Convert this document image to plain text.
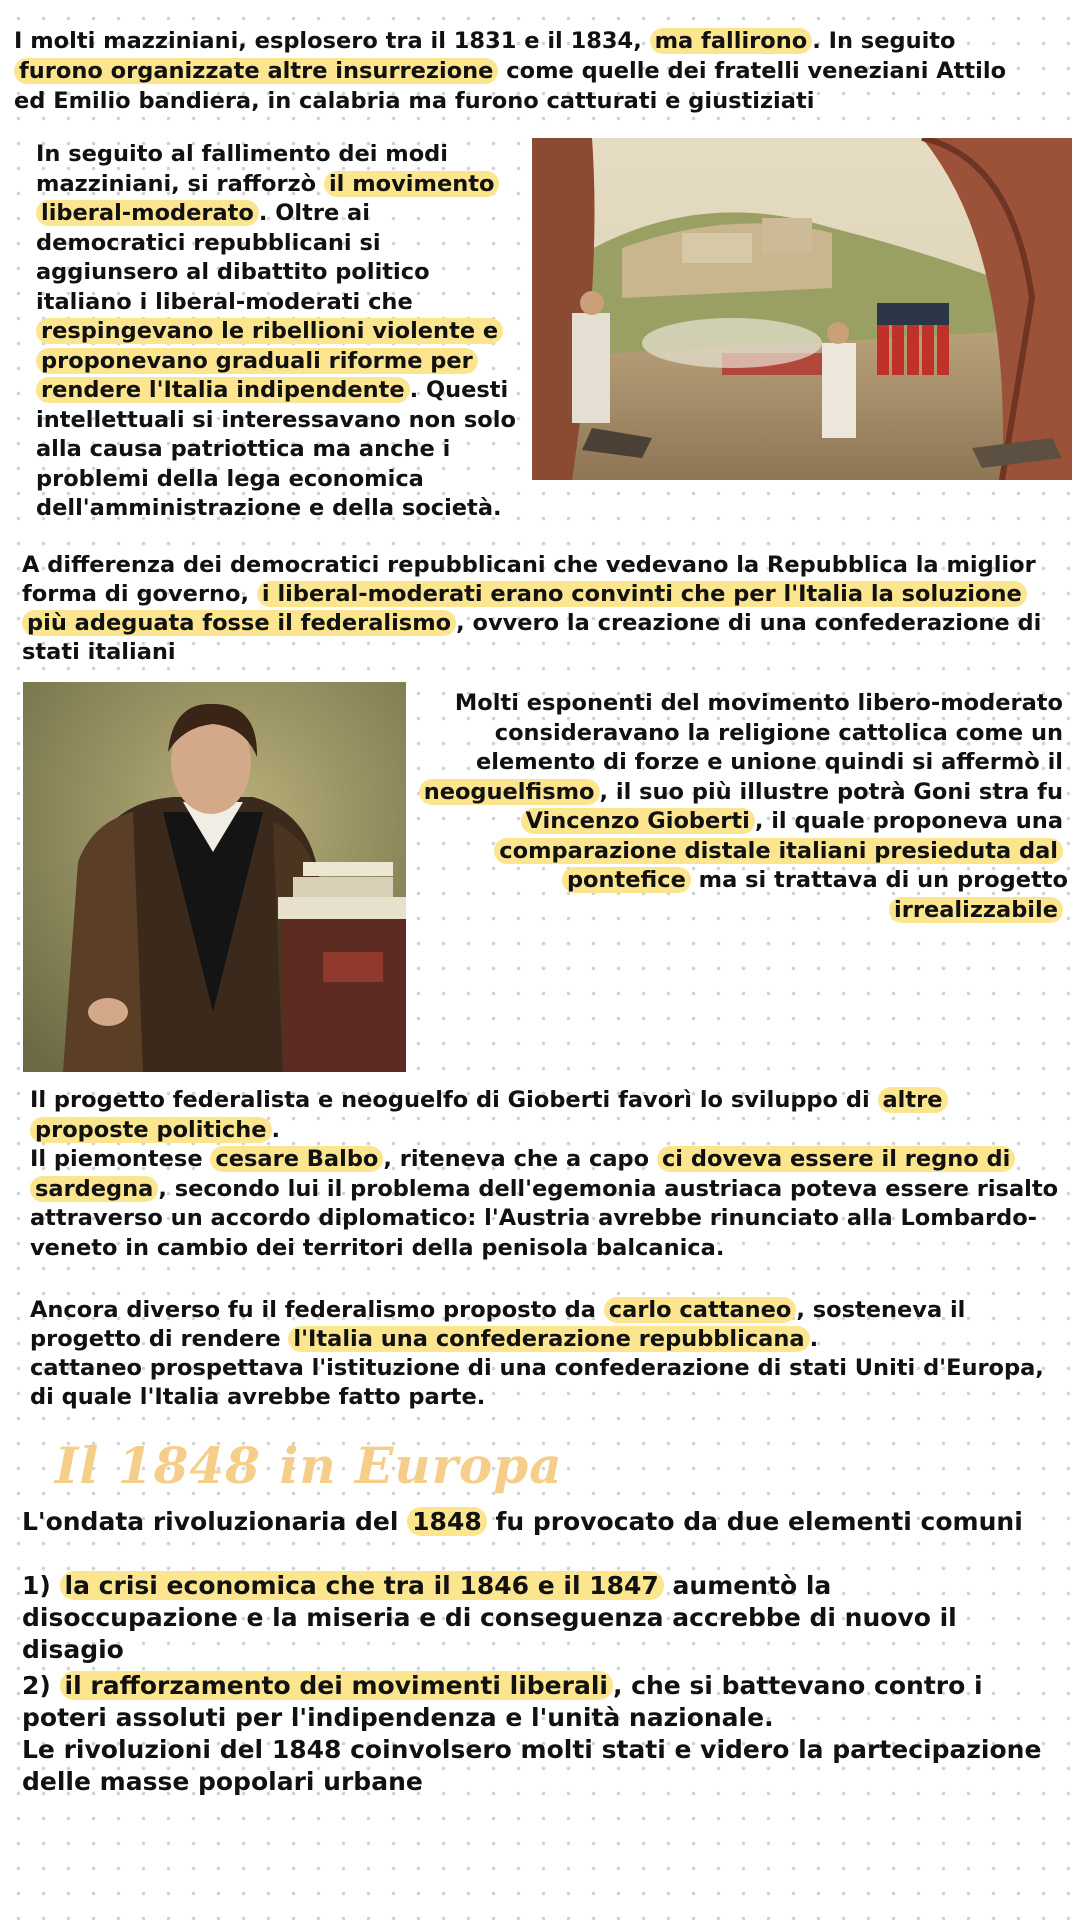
I molti mazziniani, esplosero tra il 1831 e il 1834, ma fallirono . In seguito furono organizzate altre insurrezione come quelle dei fratelli veneziani Attilo ed Emilio bandiera, in calabria ma furono catturati e giustiziati

In seguito al fallimento dei modi mazziniani, si rafforzò il movimento liberal-moderato . Oltre ai democratici repubblicani si aggiunsero al dibattito politico italiano i liberal-moderati che respingevano le ribellioni violente e proponevano graduali riforme per rendere l'Italia indipendente . Questi intellettuali si interessavano non solo alla causa patriottica ma anche i problemi della lega economica dell'amministrazione e della società.

A differenza dei democratici repubblicani che vedevano la Repubblica la miglior forma di governo, i liberal-moderati erano convinti che per l'Italia la soluzione più adeguata fosse il federalismo , ovvero la creazione di una confederazione di stati italiani

Molti esponenti del movimento libero-moderato consideravano la religione cattolica come un elemento di forze e unione quindi si affermò il neoguelfismo , il suo più illustre potrà Goni stra fu Vincenzo Gioberti , il quale proponeva una comparazione distale italiani presieduta dal pontefice ma si trattava di un progetto irrealizzabile

Il progetto federalista e neoguelfo di Gioberti favorì lo sviluppo di altre proposte politiche .
Il piemontese cesare Balbo , riteneva che a capo ci doveva essere il regno di sardegna , secondo lui il problema dell'egemonia austriaca poteva essere risalto attraverso un accordo diplomatico: l'Austria avrebbe rinunciato alla Lombardo-veneto in cambio dei territori della penisola balcanica.

Ancora diverso fu il federalismo proposto da carlo cattaneo , sosteneva il progetto di rendere l'Italia una confederazione repubblicana .
cattaneo prospettava l'istituzione di una confederazione di stati Uniti d'Europa, di quale l'Italia avrebbe fatto parte.

Il 1848 in Europa

L'ondata rivoluzionaria del 1848 fu provocato da due elementi comuni

1) la crisi economica che tra il 1846 e il 1847 aumentò la disoccupazione e la miseria e di conseguenza accrebbe di nuovo il disagio

2) il rafforzamento dei movimenti liberali , che si battevano contro i poteri assoluti per l'indipendenza e l'unità nazionale.
Le rivoluzioni del 1848 coinvolsero molti stati e videro la partecipazione delle masse popolari urbane
